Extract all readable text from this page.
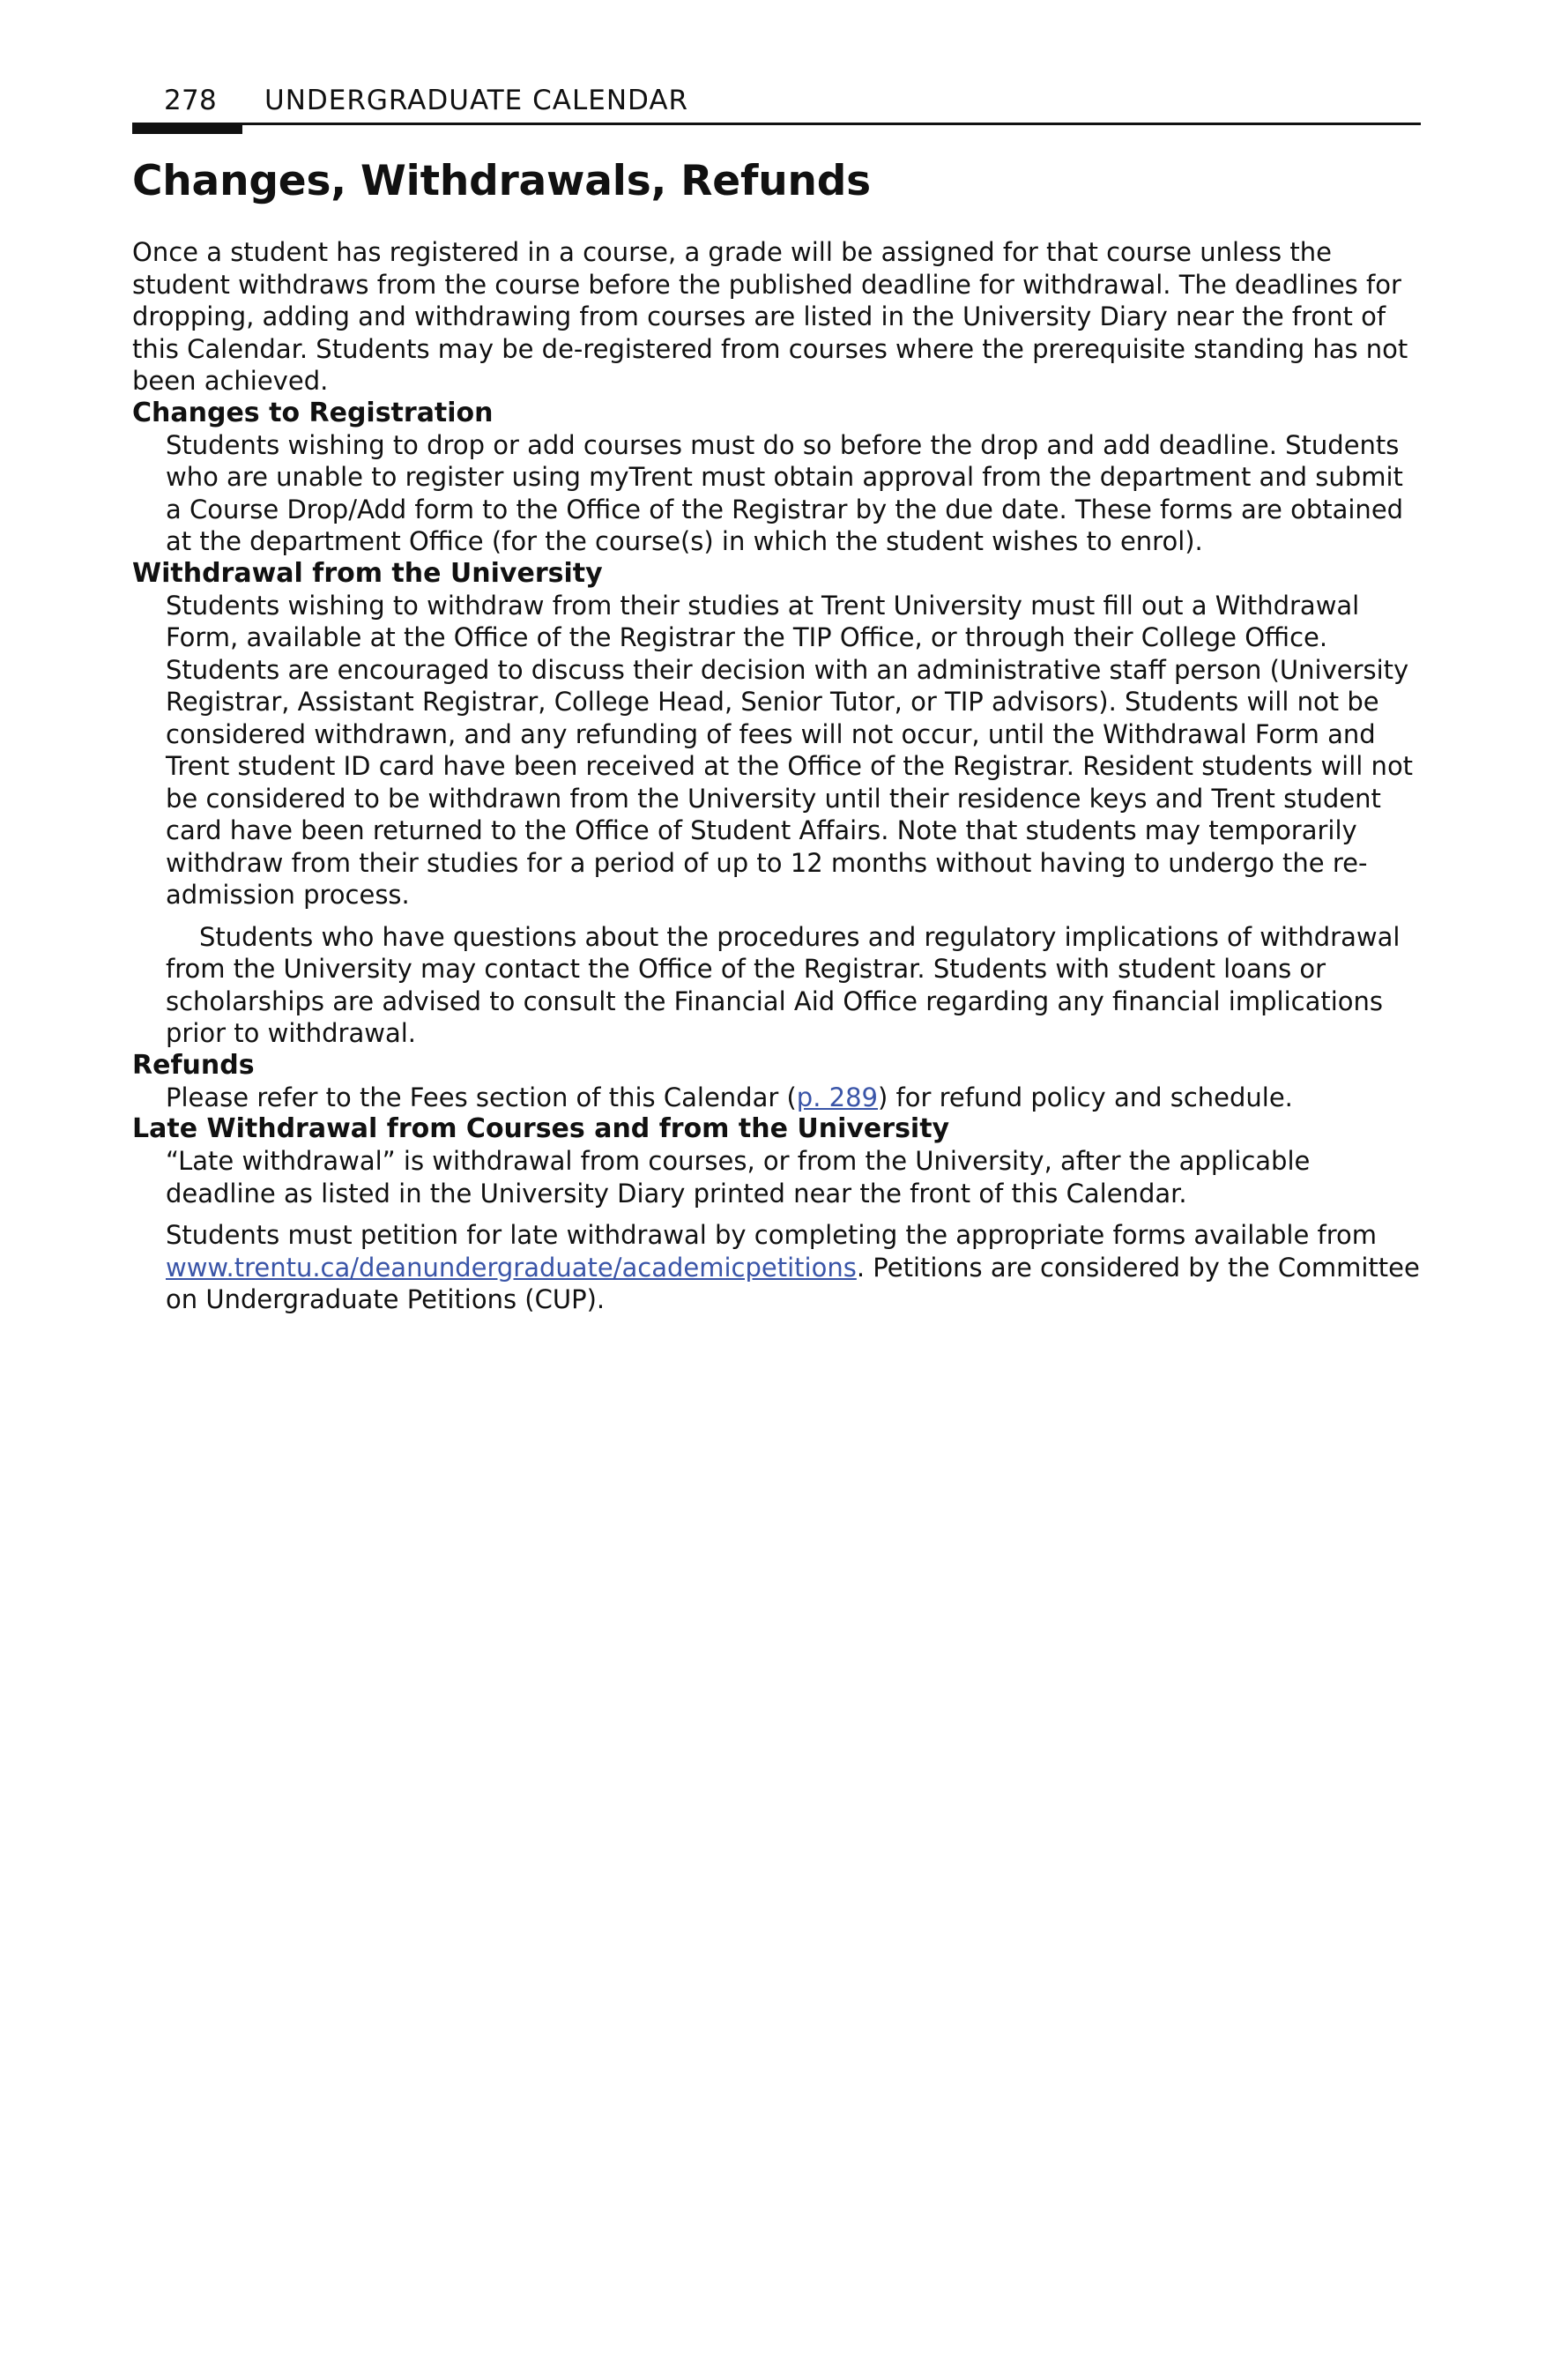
278 UNDERGRADUATE CALENDAR
Changes, Withdrawals, Refunds

Once a student has registered in a course, a grade will be assigned for that course unless the student withdraws from the course before the published deadline for withdrawal. The deadlines for dropping, adding and withdrawing from courses are listed in the University Diary near the front of this Calendar. Students may be de-registered from courses where the prerequisite standing has not been achieved.

Changes to Registration

Students wishing to drop or add courses must do so before the drop and add deadline. Students who are unable to register using myTrent must obtain approval from the department and submit a Course Drop/Add form to the Office of the Registrar by the due date. These forms are obtained at the department Office (for the course(s) in which the student wishes to enrol).

Withdrawal from the University

Students wishing to withdraw from their studies at Trent University must fill out a Withdrawal Form, available at the Office of the Registrar the TIP Office, or through their College Office. Students are encouraged to discuss their decision with an administrative staff person (University Registrar, Assistant Registrar, College Head, Senior Tutor, or TIP advisors). Students will not be considered withdrawn, and any refunding of fees will not occur, until the Withdrawal Form and Trent student ID card have been received at the Office of the Registrar. Resident students will not be considered to be withdrawn from the University until their residence keys and Trent student card have been returned to the Office of Student Affairs. Note that students may temporarily withdraw from their studies for a period of up to 12 months without having to undergo the re-admission process.

Students who have questions about the procedures and regulatory implications of withdrawal from the University may contact the Office of the Registrar. Students with student loans or scholarships are advised to consult the Financial Aid Office regarding any financial implications prior to withdrawal.

Refunds

Please refer to the Fees section of this Calendar (p. 289) for refund policy and schedule.

Late Withdrawal from Courses and from the University

“Late withdrawal” is withdrawal from courses, or from the University, after the applicable deadline as listed in the University Diary printed near the front of this Calendar.

Students must petition for late withdrawal by completing the appropriate forms available from www.trentu.ca/deanundergraduate/academicpetitions. Petitions are considered by the Committee on Undergraduate Petitions (CUP).
